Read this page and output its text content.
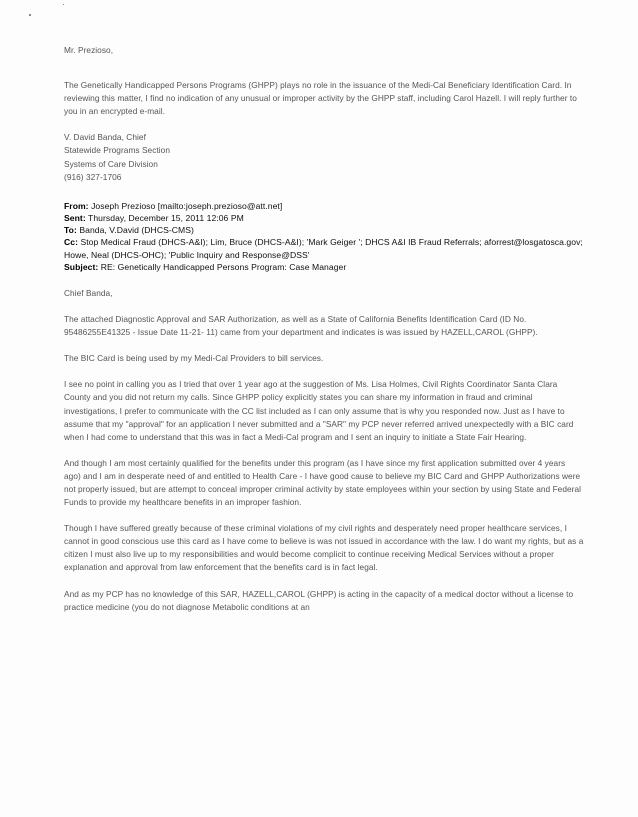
Mr. Prezioso,
The Genetically Handicapped Persons Programs (GHPP) plays no role in the issuance of the Medi-Cal Beneficiary Identification Card. In reviewing this matter, I find no indication of any unusual or improper activity by the GHPP staff, including Carol Hazell. I will reply further to you in an encrypted e-mail.
V. David Banda, Chief
Statewide Programs Section
Systems of Care Division
(916) 327-1706
From: Joseph Prezioso [mailto:joseph.prezioso@att.net]
Sent: Thursday, December 15, 2011 12:06 PM
To: Banda, V.David (DHCS-CMS)
Cc: Stop Medical Fraud (DHCS-A&I); Lim, Bruce (DHCS-A&I); 'Mark Geiger '; DHCS A&I IB Fraud Referrals; aforrest@losgatosca.gov; Howe, Neal (DHCS-OHC); 'Public Inquiry and Response@DSS'
Subject: RE: Genetically Handicapped Persons Program: Case Manager
Chief Banda,
The attached Diagnostic Approval and SAR Authorization, as well as a State of California Benefits Identification Card (ID No. 95486255E41325 - Issue Date 11-21- 11) came from your department and indicates is was issued by HAZELL,CAROL (GHPP).
The BIC Card is being used by my Medi-Cal Providers to bill services.
I see no point in calling you as I tried that over 1 year ago at the suggestion of Ms. Lisa Holmes, Civil Rights Coordinator Santa Clara County and you did not return my calls. Since GHPP policy explicitly states you can share my information in fraud and criminal investigations, I prefer to communicate with the CC list included as I can only assume that is why you responded now. Just as I have to assume that my "approval" for an application I never submitted and a "SAR" my PCP never referred arrived unexpectedly with a BIC card when I had come to understand that this was in fact a Medi-Cal program and I sent an inquiry to initiate a State Fair Hearing.
And though I am most certainly qualified for the benefits under this program (as I have since my first application submitted over 4 years ago) and I am in desperate need of and entitled to Health Care - I have good cause to believe my BIC Card and GHPP Authorizations were not properly issued, but are attempt to conceal improper criminal activity by state employees within your section by using State and Federal Funds to provide my healthcare benefits in an improper fashion.
Though I have suffered greatly because of these criminal violations of my civil rights and desperately need proper healthcare services, I cannot in good conscious use this card as I have come to believe is was not issued in accordance with the law. I do want my rights, but as a citizen I must also live up to my responsibilities and would become complicit to continue receiving Medical Services without a proper explanation and approval from law enforcement that the benefits card is in fact legal.
And as my PCP has no knowledge of this SAR, HAZELL,CAROL (GHPP) is acting in the capacity of a medical doctor without a license to practice medicine (you do not diagnose Metabolic conditions at an
